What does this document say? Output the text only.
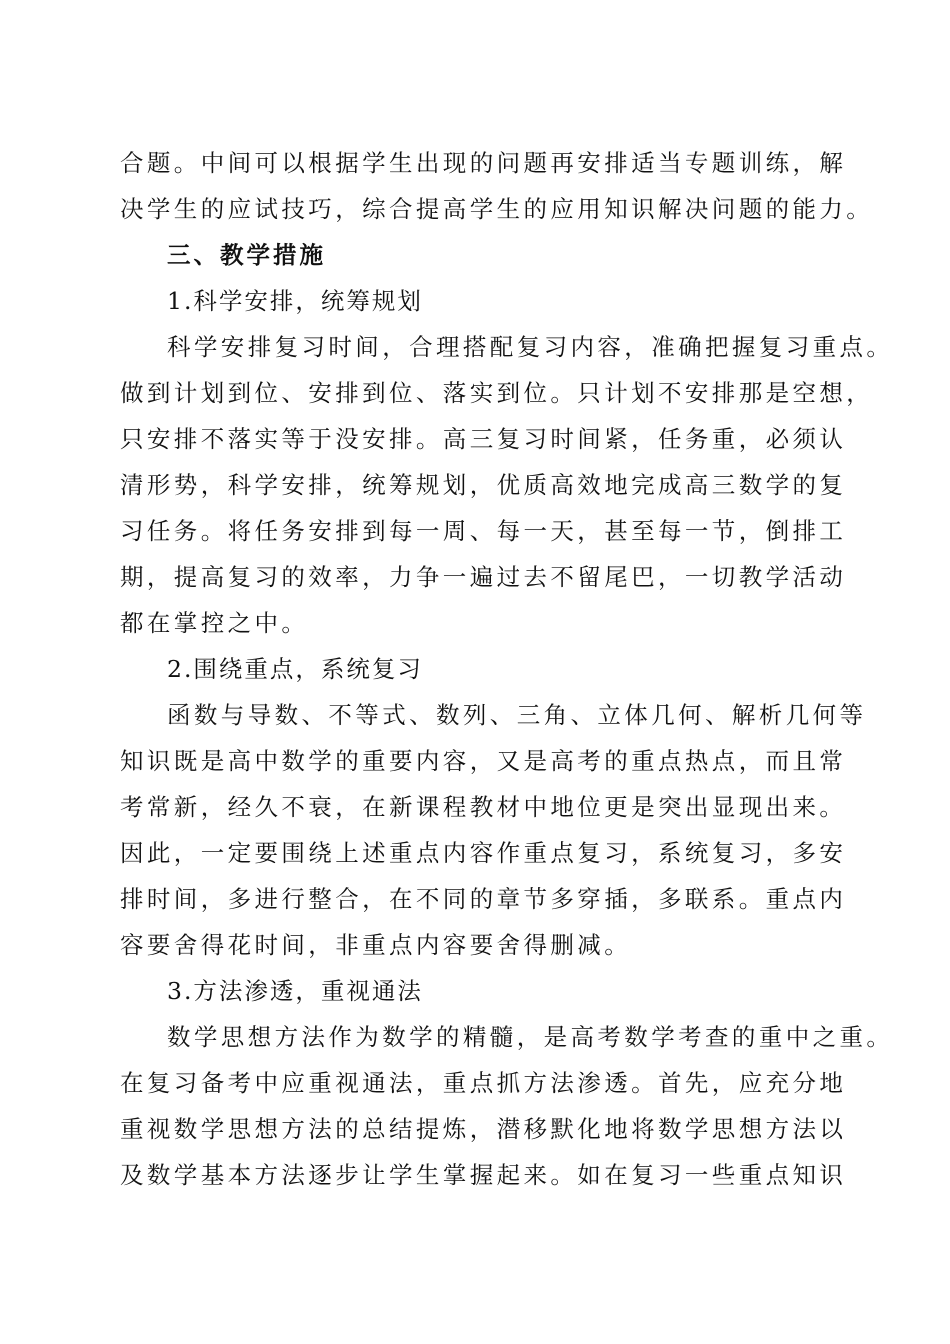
合题。中间可以根据学生出现的问题再安排适当专题训练，解
决学生的应试技巧，综合提高学生的应用知识解决问题的能力。
三、教学措施
1.科学安排，统筹规划
科学安排复习时间，合理搭配复习内容，准确把握复习重点。
做到计划到位、安排到位、落实到位。只计划不安排那是空想，
只安排不落实等于没安排。高三复习时间紧，任务重，必须认
清形势，科学安排，统筹规划，优质高效地完成高三数学的复
习任务。将任务安排到每一周、每一天，甚至每一节，倒排工
期，提高复习的效率，力争一遍过去不留尾巴，一切教学活动
都在掌控之中。
2.围绕重点，系统复习
函数与导数、不等式、数列、三角、立体几何、解析几何等
知识既是高中数学的重要内容，又是高考的重点热点，而且常
考常新，经久不衰，在新课程教材中地位更是突出显现出来。
因此，一定要围绕上述重点内容作重点复习，系统复习，多安
排时间，多进行整合，在不同的章节多穿插，多联系。重点内
容要舍得花时间，非重点内容要舍得删减。
3.方法渗透，重视通法
数学思想方法作为数学的精髓，是高考数学考查的重中之重。
在复习备考中应重视通法，重点抓方法渗透。首先，应充分地
重视数学思想方法的总结提炼，潜移默化地将数学思想方法以
及数学基本方法逐步让学生掌握起来。如在复习一些重点知识
